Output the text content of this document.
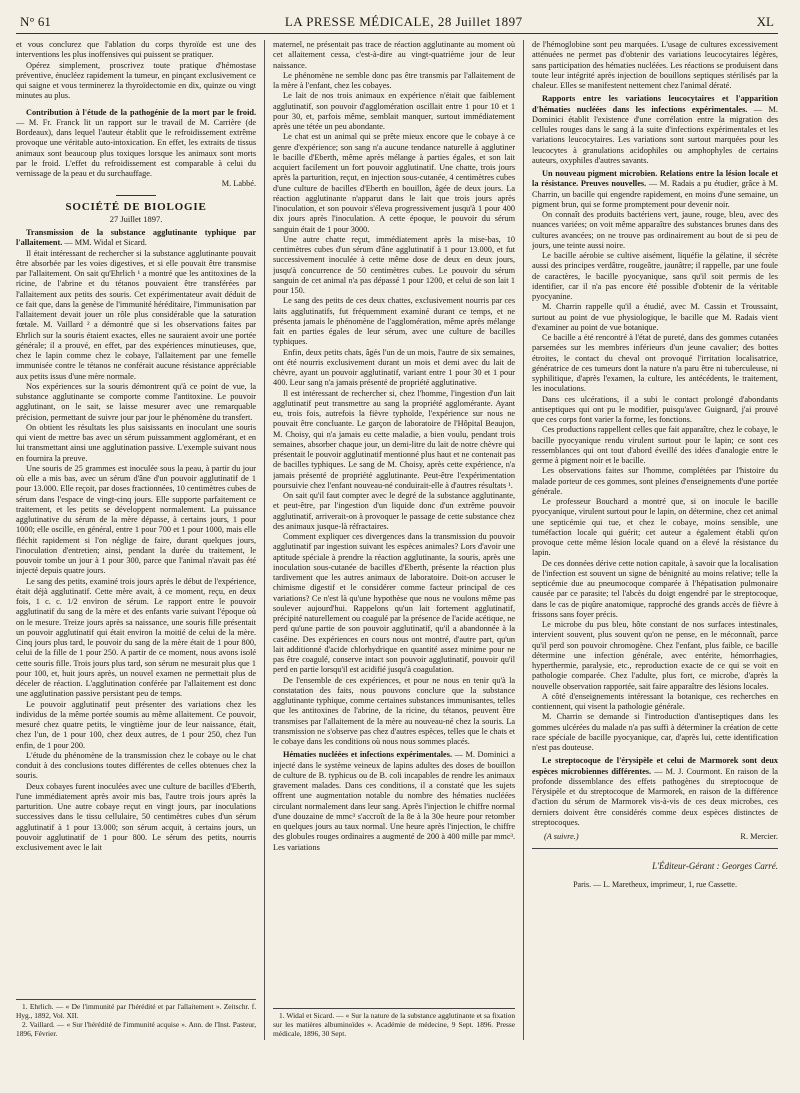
N° 61	LA PRESSE MÉDICALE, 28 Juillet 1897	XL

et vous conclurez que l'ablation du corps thyroïde est une des interventions les plus inoffensives qui puissent se pratiquer.

Opérez simplement, proscrivez toute pratique d'hémostase préventive, énucléez rapidement la tumeur, en pinçant exclusivement ce qui saigne et vous terminerez la thyroïdectomie en dix, quinze ou vingt minutes au plus.

Contribution à l'étude de la pathogénie de la mort par le froid. — M. Fr. Franck lit un rapport sur le travail de M. Carrière (de Bordeaux), dans lequel l'auteur établit que le refroidissement extrême provoque une véritable auto-intoxication. En effet, les extraits de tissus animaux sont beaucoup plus toxiques lorsque les animaux sont morts par le froid. L'effet du refroidissement est comparable à celui du vernissage de la peau et du surchauffage.

M. Labbé.
SOCIÉTÉ DE BIOLOGIE
27 Juillet 1897.

Transmission de la substance agglutinante typhique par l'allaitement. — MM. Widal et Sicard.

Il était intéressant de rechercher si la substance agglutinante pouvait être absorbée par les voies digestives, et si elle pouvait être transmise par l'allaitement. On sait qu'Ehrlich ¹ a montré que les antitoxines de la ricine, de l'abrine et du tétanos pouvaient être transférées par l'allaitement aux petits des souris. Cet expérimentateur avait déduit de ce fait que, dans la genèse de l'immunité héréditaire, l'immunisation par l'allaitement devait jouer un rôle plus considérable que la saturation fœtale. M. Vaillard ² a démontré que si les observations faites par Ehrlich sur la souris étaient exactes, elles ne sauraient avoir une portée générale; il a prouvé, en effet, par des expériences minutieuses, que, chez le lapin comme chez le cobaye, l'allaitement par une femelle immunisée contre le tétanos ne conférait aucune résistance appréciable aux petits issus d'une mère normale.

Nos expériences sur la souris démontrent qu'à ce point de vue, la substance agglutinante se comporte comme l'antitoxine. Le pouvoir agglutinant, on le sait, se laisse mesurer avec une remarquable précision, permettant de suivre jour par jour le phénomène du transfert.

On obtient les résultats les plus saisissants en inoculant une souris qui vient de mettre bas avec un sérum puissamment agglomérant, et en lui transmettant ainsi une agglutination passive. L'exemple suivant nous en fournira la preuve.

Une souris de 25 grammes est inoculée sous la peau, à partir du jour où elle a mis bas, avec un sérum d'âne d'un pouvoir agglutinatif de 1 pour 13.000. Elle reçoit, par doses fractionnées, 10 centimètres cubes de sérum dans l'espace de vingt-cinq jours. Elle supporte parfaitement ce traitement, et les petits se développent normalement. La puissance agglutinative du sérum de la mère dépasse, à certains jours, 1 pour 1000; elle oscille, en général, entre 1 pour 700 et 1 pour 1000, mais elle fléchit rapidement si l'on néglige de faire, durant quelques jours, l'inoculation d'entretien; ainsi, pendant la durée du traitement, le pouvoir tombe un jour à 1 pour 300, parce que l'animal n'avait pas été injecté depuis quatre jours.

Le sang des petits, examiné trois jours après le début de l'expérience, était déjà agglutinatif. Cette mère avait, à ce moment, reçu, en deux fois, 1 c. c. 1/2 environ de sérum. Le rapport entre le pouvoir agglutinatif du sang de la mère et des enfants varie suivant l'époque où on le mesure. Treize jours après sa naissance, une souris fille présentait un pouvoir agglutinatif qui était environ la moitié de celui de la mère. Cinq jours plus tard, le pouvoir du sang de la mère était de 1 pour 800, celui de la fille de 1 pour 250. A partir de ce moment, nous avons isolé cette souris fille. Trois jours plus tard, son sérum ne mesurait plus que 1 pour 100, et, huit jours après, un nouvel examen ne permettait plus de déceler de réaction. L'agglutination conférée par l'allaitement est donc une agglutination passive persistant peu de temps.

Le pouvoir agglutinatif peut présenter des variations chez les individus de la même portée soumis au même allaitement. Ce pouvoir, mesuré chez quatre petits, le vingtième jour de leur naissance, était, chez l'un, de 1 pour 100, chez deux autres, de 1 pour 250, chez l'un enfin, de 1 pour 200.

L'étude du phénomène de la transmission chez le cobaye ou le chat conduit à des conclusions toutes différentes de celles obtenues chez la souris.

Deux cobayes furent inoculées avec une culture de bacilles d'Eberth, l'une immédiatement après avoir mis bas, l'autre trois jours après la parturition. Une autre cobaye reçut en vingt jours, par inoculations successives dans le tissu cellulaire, 50 centimètres cubes d'un sérum agglutinatif à 1 pour 13.000; son sérum acquit, à certains jours, un pouvoir agglutinatif de 1 pour 800. Le sérum des petits, nourris exclusivement avec le lait

1. Ehrlich. — « De l'immunité par l'hérédité et par l'allaitement ». Zeitschr. f. Hyg., 1892, Vol. XII.

2. Vaillard. — « Sur l'hérédité de l'immunité acquise ». Ann. de l'Inst. Pasteur, 1896, Février.

maternel, ne présentait pas trace de réaction agglutinante au moment où cet allaitement cessa, c'est-à-dire au vingt-quatrième jour de leur naissance.

Le phénomène ne semble donc pas être transmis par l'allaitement de la mère à l'enfant, chez les cobayes.

Le lait de nos trois animaux en expérience n'était que faiblement agglutinatif, son pouvoir d'agglomération oscillait entre 1 pour 10 et 1 pour 30, et, parfois même, semblait manquer, surtout immédiatement après une tétée un peu abondante.

Le chat est un animal qui se prête mieux encore que le cobaye à ce genre d'expérience; son sang n'a aucune tendance naturelle à agglutiner le bacille d'Eberth, même après mélange à parties égales, et son lait acquiert facilement un fort pouvoir agglutinatif. Une chatte, trois jours après la parturition, reçut, en injection sous-cutanée, 4 centimètres cubes d'une culture de bacilles d'Eberth en bouillon, âgée de deux jours. La réaction agglutinante n'apparut dans le lait que trois jours après l'inoculation, et son pouvoir s'éleva progressivement jusqu'à 1 pour 400 dix jours après l'inoculation. A cette époque, le pouvoir du sérum sanguin était de 1 pour 3000.

Une autre chatte reçut, immédiatement après la mise-bas, 10 centimètres cubes d'un sérum d'âne agglutinatif à 1 pour 13.000, et fut successivement inoculée à cette même dose de deux en deux jours, jusqu'à concurrence de 50 centimètres cubes. Le pouvoir du sérum sanguin de cet animal n'a pas dépassé 1 pour 1200, et celui de son lait 1 pour 150.

Le sang des petits de ces deux chattes, exclusivement nourris par ces laits agglutinatifs, fut fréquemment examiné durant ce temps, et ne présenta jamais le phénomène de l'agglomération, même après mélange fait en parties égales de leur sérum, avec une culture de bacilles typhiques.

Enfin, deux petits chats, âgés l'un de un mois, l'autre de six semaines, ont été nourris exclusivement durant un mois et demi avec du lait de chèvre, ayant un pouvoir agglutinatif, variant entre 1 pour 30 et 1 pour 400. Leur sang n'a jamais présenté de propriété agglutinative.

Il est intéressant de rechercher si, chez l'homme, l'ingestion d'un lait agglutinatif peut transmettre au sang la propriété agglomérante. Ayant eu, trois fois, autrefois la fièvre typhoïde, l'expérience sur nous ne pouvait être concluante. Le garçon de laboratoire de l'Hôpital Beaujon, M. Choisy, qui n'a jamais eu cette maladie, a bien voulu, pendant trois semaines, absorber chaque jour, un demi-litre du lait de notre chèvre qui présentait le pouvoir agglutinatif mentionné plus haut et ne contenait pas de bacilles typhiques. Le sang de M. Choisy, après cette expérience, n'a jamais présenté de propriété agglutinante. Peut-être l'expérimentation poursuivie chez l'enfant nouveau-né conduirait-elle à d'autres résultats ¹.

On sait qu'il faut compter avec le degré de la substance agglutinante, et peut-être, par l'ingestion d'un liquide donc d'un extrême pouvoir agglutinatif, arriverait-on à provoquer le passage de cette substance chez des animaux jusque-là réfractaires.

Comment expliquer ces divergences dans la transmission du pouvoir agglutinatif par ingestion suivant les espèces animales? Lors d'avoir une aptitude spéciale à prendre la réaction agglutinante, la souris, après une inoculation sous-cutanée de bacilles d'Eberth, présente la réaction plus tardivement que les autres animaux de laboratoire. Doit-on accuser le chimisme digestif et le considérer comme facteur principal de ces variations? Ce n'est là qu'une hypothèse que nous ne voulons même pas soulever aujourd'hui. Rappelons qu'un lait fortement agglutinatif, précipité naturellement ou coagulé par la présence de l'acide acétique, ne perd qu'une partie de son pouvoir agglutinatif, qu'il a abandonnée à la caséine. Des expériences en cours nous ont montré, d'autre part, qu'un lait additionné d'acide chlorhydrique en quantité assez minime pour ne pas être coagulé, conserve intact son pouvoir agglutinatif, pouvoir qu'il perd en partie lorsqu'il est acidifié jusqu'à coagulation.

De l'ensemble de ces expériences, et pour ne nous en tenir qu'à la constatation des faits, nous pouvons conclure que la substance agglutinante typhique, comme certaines substances immunisantes, telles que les antitoxines de l'abrine, de la ricine, du tétanos, peuvent être transmises par l'allaitement de la mère au nouveau-né chez la souris. La transmission ne s'observe pas chez d'autres espèces, telles que le chats et le cobaye dans les conditions où nous nous sommes placés.

Hématies nucléées et infections expérimentales. — M. Dominici a injecté dans le système veineux de lapins adultes des doses de bouillon de culture de B. typhicus ou de B. coli incapables de rendre les animaux gravement malades. Dans ces conditions, il a constaté que les sujets offrent une augmentation notable du nombre des hématies nucléées circulant normalement dans leur sang. Après l'injection le chiffre normal d'une douzaine de mmc³ s'accroît de la 8e à la 30e heure pour retomber en quelques jours au taux normal. Une heure après l'injection, le chiffre des globules rouges ordinaires a augmenté de 200 à 400 mille par mmc³. Les variations

1. Widal et Sicard. — « Sur la nature de la substance agglutinante et sa fixation sur les matières albuminoïdes ». Académie de médecine, 9 Sept. 1896. Presse médicale, 1896, 30 Sept.

de l'hémoglobine sont peu marquées. L'usage de cultures excessivement atténuées ne permet pas d'obtenir des variations leucocytaires légères, sans participation des hématies nucléées. Les réactions se produisent dans toute leur intégrité après injection de bouillons septiques stérilisés par la chaleur. Elles se manifestent nettement chez l'animal dératé.

Rapports entre les variations leucocytaires et l'apparition d'hématies nucléées dans les infections expérimentales. — M. Dominici établit l'existence d'une corrélation entre la migration des cellules rouges dans le sang à la suite d'infections expérimentales et les variations leucocytaires. Les variations sont surtout marquées pour les leucocytes à granulations acidophiles ou amphophyles de certains auteurs, oxyphiles d'autres savants.

Un nouveau pigment microbien. Relations entre la lésion locale et la résistance. Preuves nouvelles. — M. Radais a pu étudier, grâce à M. Charrin, un bacille qui engendre rapidement, en moins d'une semaine, un pigment brun, qui se forme promptement pour devenir noir.

On connaît des produits bactériens vert, jaune, rouge, bleu, avec des nuances variées; on voit même apparaître des substances brunes dans des cultures avancées; on ne trouve pas ordinairement au bout de si peu de jours, une teinte aussi noire.

Le bacille aérobie se cultive aisément, liquéfie la gélatine, il sécrète aussi des principes verdâtre, rougeâtre, jaunâtre; il rappelle, par une foule de caractères, le bacille pyocyanique, sans qu'il soit permis de les identifier, car il n'a pas encore été possible d'obtenir de la véritable pyocyanine.

M. Charrin rappelle qu'il a étudié, avec M. Cassin et Troussaint, surtout au point de vue physiologique, le bacille que M. Radais vient d'examiner au point de vue botanique.

Ce bacille a été rencontré à l'état de pureté, dans des gommes cutanées parsemées sur les membres inférieurs d'un jeune cavalier; des bottes étroites, le contact du cheval ont provoqué l'irritation localisatrice, génératrice de ces tumeurs dont la nature n'a paru être ni tuberculeuse, ni syphilitique, d'après l'examen, la culture, les antécédents, le traitement, les inoculations.

Dans ces ulcérations, il a subi le contact prolongé d'abondants antiseptiques qui ont pu le modifier, puisqu'avec Guignard, j'ai prouvé que ces corps font varier la forme, les fonctions.

Ces productions rappellent celles que fait apparaître, chez le cobaye, le bacille pyocyanique rendu virulent surtout pour le lapin; ce sont ces ressemblances qui ont tout d'abord éveillé des idées d'analogie entre le germe à pigment noir et le bacille.

Les observations faites sur l'homme, complétées par l'histoire du malade porteur de ces gommes, sont pleines d'enseignements d'une portée générale.

Le professeur Bouchard a montré que, si on inocule le bacille pyocyanique, virulent surtout pour le lapin, on détermine, chez cet animal une septicémie qui tue, et chez le cobaye, moins sensible, une tuméfaction locale qui guérit; cet auteur a également établi qu'on provoque cette même lésion locale quand on a élevé la résistance du lapin.

De ces données dérive cette notion capitale, à savoir que la localisation de l'infection est souvent un signe de bénignité au moins relative; telle la septicémie due au pneumocoque comparée à l'hépatisation pulmonaire causée par ce parasite; tel l'abcès du doigt engendré par le streptocoque, dans le cas de piqûre anatomique, rapproché des grands accès de fièvre à frissons sans foyer précis.

Le microbe du pus bleu, hôte constant de nos surfaces intestinales, intervient souvent, plus souvent qu'on ne pense, en le méconnaît, parce qu'il perd son pouvoir chromogène. Chez l'enfant, plus faible, ce bacille détermine une infection générale, avec entérite, hémorrhagies, hyperthermie, paralysie, etc., reproduction exacte de ce qui se voit en pathologie comparée. Chez l'adulte, plus fort, ce microbe, d'après la nouvelle observation rapportée, sait faire apparaître des lésions locales.

A côté d'enseignements intéressant la botanique, ces recherches en contiennent, qui visent la pathologie générale.

M. Charrin se demande si l'introduction d'antiseptiques dans les gommes ulcérées du malade n'a pas suffi à déterminer la création de cette race spéciale de bacille pyocyanique, car, d'après lui, cette identification n'est pas douteuse.

Le streptocoque de l'érysipèle et celui de Marmorek sont deux espèces microbiennes différentes. — M. J. Courmont. En raison de la profonde dissemblance des effets pathogènes du streptocoque de l'érysipèle et du streptocoque de Marmorek, en raison de la différence d'action du sérum de Marmorek vis-à-vis de ces deux microbes, ces derniers doivent être considérés comme deux espèces distinctes de streptocoques.

(A suivre.)	R. Mercier.
L'Éditeur-Gérant : Georges Carré.
Paris. — L. Maretheux, imprimeur, 1, rue Cassette.
